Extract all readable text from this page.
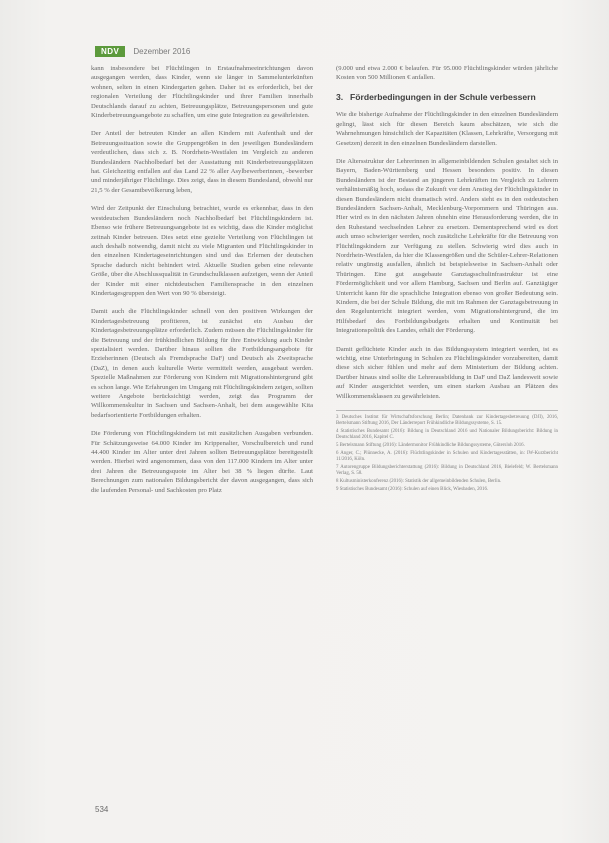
NDV	Dezember 2016

kann insbesondere bei Flüchtlingen in Erstaufnahmeeinrichtungen davon ausgegangen werden, dass Kinder, wenn sie länger in Sammelunterkünften wohnen, selten in einen Kindergarten gehen. Daher ist es erforderlich, bei der regionalen Verteilung der Flüchtlingskinder und ihrer Familien innerhalb Deutschlands darauf zu achten, Betreuungsplätze, Betreuungspersonen und gute Kinderbetreuungsangebote zu schaffen, um eine gute Integration zu gewährleisten.

Der Anteil der betreuten Kinder an allen Kindern mit Aufenthalt und der Betreuungssituation sowie die Gruppengrößen in den jeweiligen Bundesländern verdeutlichen, dass sich z. B. Nordrhein-Westfalen im Vergleich zu anderen Bundesländern Nachholbedarf bei der Ausstattung mit Kinderbetreuungsplätzen hat. Gleichzeitig entfallen auf das Land 22 % aller Asylbewerberinnen, -bewerber und minderjähriger Flüchtlinge. Dies zeigt, dass in diesem Bundesland, obwohl nur 21,5 % der Gesamtbevölkerung leben,

Wird der Zeitpunkt der Einschulung betrachtet, wurde es erkennbar, dass in den westdeutschen Bundesländern noch Nachholbedarf bei Flüchtlingskindern ist. Ebenso wie frühere Betreuungsangebote ist es wichtig, dass die Kinder möglichst zeitnah Kinder betreuen. Dies setzt eine gezielte Verteilung von Flüchtlingen ist auch deshalb notwendig, damit nicht zu viele Migranten und Flüchtlingskinder in den einzelnen Kindertageseinrichtungen sind und das Erlernen der deutschen Sprache dadurch nicht behindert wird. Aktuelle Studien geben eine relevante Größe, über die Abschlussqualität in Grundschulklassen aufzeigen, wenn der Anteil der Kinder mit einer nichtdeutschen Familiensprache in den einzelnen Kindertagesgruppen den Wert von 90 % übersteigt.

Damit auch die Flüchtlingskinder schnell von den positiven Wirkungen der Kindertagesbetreuung profitieren, ist zunächst ein Ausbau der Kindertagesbetreuungsplätze erforderlich. Zudem müssen die Flüchtlingskinder für die Betreuung und der frühkindlichen Bildung für ihre Entwicklung auch Kinder spezialisiert werden. Darüber hinaus sollten die Fortbildungsangebote für Erzieherinnen (Deutsch als Fremdsprache DaF) und Deutsch als Zweitsprache (DaZ), in denen auch kulturelle Werte vermittelt werden, ausgebaut werden. Spezielle Maßnahmen zur Förderung von Kindern mit Migrationshintergrund gibt es schon lange. Wie Erfahrungen im Umgang mit Flüchtlingskindern zeigen, sollten weitere Angebote berücksichtigt werden, zeigt das Programm der Willkommenskultur in Sachsen und Sachsen-Anhalt, bei dem ausgewählte Kita bedarfsorientierte Fortbildungen erhalten.

Die Förderung von Flüchtlingskindern ist mit zusätzlichen Ausgaben verbunden. Für Schätzungsweise 64.000 Kinder im Krippenalter, Vorschulbereich und rund 44.400 Kinder im Alter unter drei Jahren sollten Betreuungsplätze bereitgestellt werden. Hierbei wird angenommen, dass von den 117.000 Kindern im Alter unter drei Jahren die Betreuungsquote im Alter bei 38 % liegen dürfte. Laut Berechnungen zum nationalen Bildungsbericht der davon ausgegangen, dass sich die laufenden Personal- und Sachkosten pro Platz

(9.000 und etwa 2.000 € belaufen. Für 95.000 Flüchtlingskinder würden jährliche Kosten von 500 Millionen € anfallen.

3. Förderbedingungen in der Schule verbessern

Wie die bisherige Aufnahme der Flüchtlingskinder in den einzelnen Bundesländern gelingt, lässt sich für diesen Bereich kaum abschätzen, wie sich die Wahrnehmungen hinsichtlich der Kapazitäten (Klassen, Lehrkräfte, Versorgung mit Gesetzen) derzeit in den einzelnen Bundesländern darstellen.

Die Altersstruktur der Lehrerinnen in allgemeinbildenden Schulen gestaltet sich in Bayern, Baden-Württemberg und Hessen besonders positiv. In diesen Bundesländern ist der Bestand an jüngeren Lehrkräften im Vergleich zu Lehrern verhältnismäßig hoch, sodass die Zukunft vor dem Anstieg der Flüchtlingskinder in diesen Bundesländern nicht dramatisch wird. Anders sieht es in den ostdeutschen Bundesländern Sachsen-Anhalt, Mecklenburg-Vorpommern und Thüringen aus. Hier wird es in den nächsten Jahren ohnehin eine Herausforderung werden, die in den Ruhestand wechselnden Lehrer zu ersetzen. Dementsprechend wird es dort auch umso schwieriger werden, noch zusätzliche Lehrkräfte für die Betreuung von Flüchtlingskindern zur Verfügung zu stellen. Schwierig wird dies auch in Nordrhein-Westfalen, da hier die Klassengrößen und die Schüler-Lehrer-Relationen relativ ungünstig ausfallen, ähnlich ist beispielsweise in Sachsen-Anhalt oder Thüringen. Eine gut ausgebaute Ganztagsschulinfrastruktur ist eine Fördermöglichkeit und vor allem Hamburg, Sachsen und Berlin auf. Ganztägiger Unterricht kann für die sprachliche Integration ebenso von großer Bedeutung sein. Kindern, die bei der Schule Bildung, die mit im Rahmen der Ganztagsbetreuung in den Regelunterricht integriert werden, vom Migrationshintergrund, die im Hilfsbedarf des Fortbildungsbudgets erhalten und Kontinuität bei Integrationspolitik des Landes, erhält der Förderung.

Damit geflüchtete Kinder auch in das Bildungssystem integriert werden, ist es wichtig, eine Unterbringung in Schulen zu Flüchtlingskinder vorzubereiten, damit diese sich sicher fühlen und mehr auf dem Ministerium der Bildung achten. Darüber hinaus sind sollte die Lehrerausbildung in DaF und DaZ landesweit sowie auf Kinder ausgerichtet werden, um einen starken Ausbau an Plätzen des Willkommensklassen zu gewährleisten.

3 Deutsches Institut für Wirtschaftsforschung Berlin; Datenbank zur Kindertagesbetreuung (DJI), 2016, Bertelsmann Stiftung 2016, Der Länderreport Frühkindliche Bildungssysteme, S. 15.
4 Statistisches Bundesamt (2016): Bildung in Deutschland 2016 und Nationaler Bildungsbericht: Bildung in Deutschland 2016, Kapitel C.
5 Bertelsmann Stiftung (2016): Ländermonitor Frühkindliche Bildungssysteme, Gütersloh 2016.
6 Anger, C.; Plünnecke, A. (2016): Flüchtlingskinder in Schulen und Kindertagesstätten, in: IW-Kurzbericht 11/2016, Köln.
7 Autorengruppe Bildungsberichterstattung (2016): Bildung in Deutschland 2016, Bielefeld; W. Bertelsmann Verlag, S. 58.
8 Kultusministerkonferenz (2016): Statistik der allgemeinbildenden Schulen, Berlin.
9 Statistisches Bundesamt (2016): Schulen auf einen Blick, Wiesbaden, 2016.
534
